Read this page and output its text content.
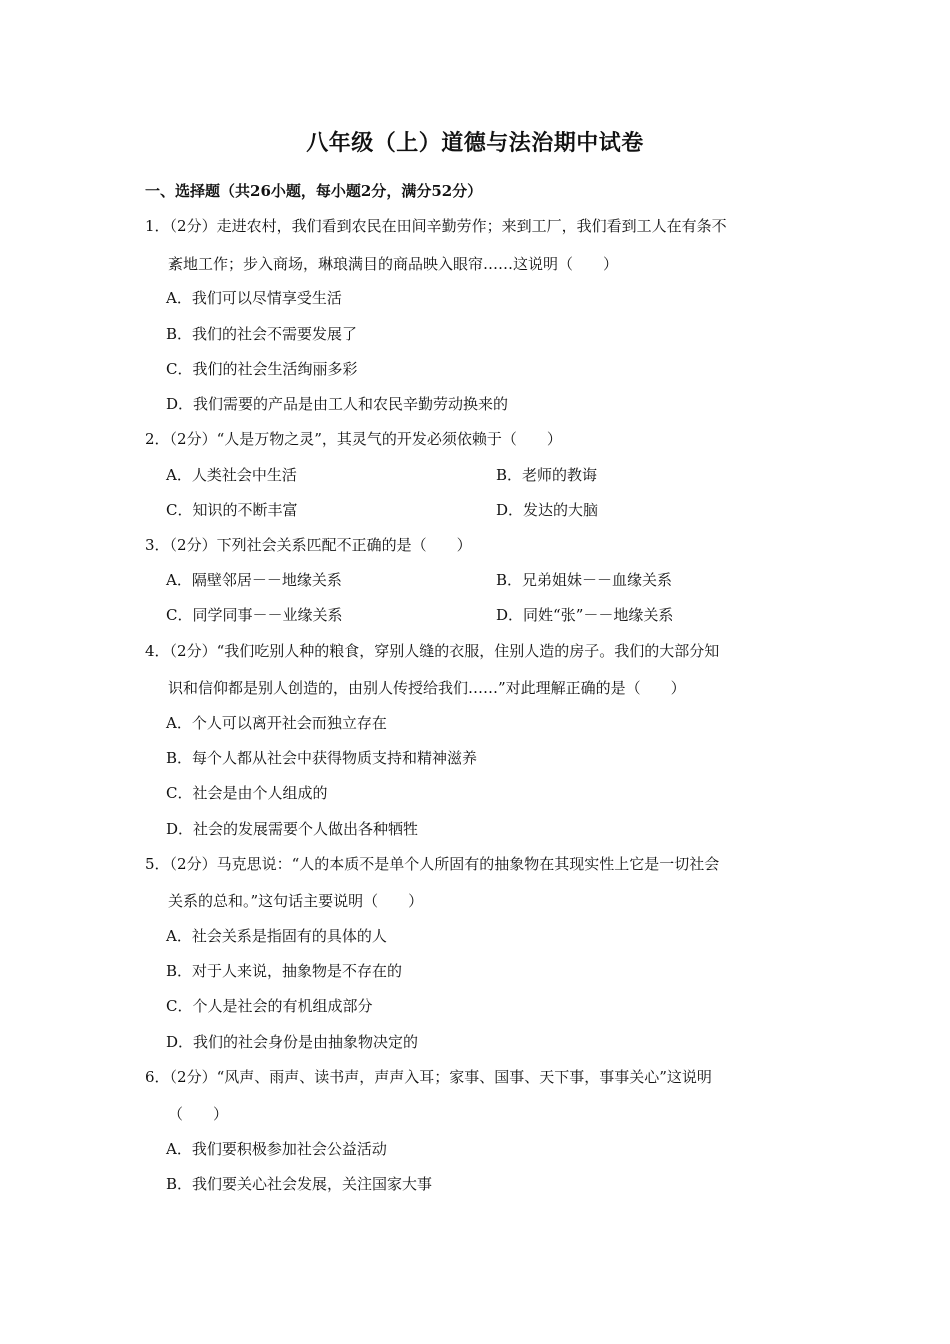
八年级（上）道德与法治期中试卷
一、选择题（共26小题，每小题2分，满分52分）
1．（2分）走进农村，我们看到农民在田间辛勤劳作；来到工厂，我们看到工人在有条不
紊地工作；步入商场，琳琅满目的商品映入眼帘……这说明（　　）
A．我们可以尽情享受生活
B．我们的社会不需要发展了
C．我们的社会生活绚丽多彩
D．我们需要的产品是由工人和农民辛勤劳动换来的
2．（2分）“人是万物之灵”，其灵气的开发必须依赖于（　　）
A．人类社会中生活	B．老师的教诲
C．知识的不断丰富	D．发达的大脑
3．（2分）下列社会关系匹配不正确的是（　　）
A．隔壁邻居－－地缘关系	B．兄弟姐妹－－血缘关系
C．同学同事－－业缘关系	D．同姓“张”－－地缘关系
4．（2分）“我们吃别人种的粮食，穿别人缝的衣服，住别人造的房子。我们的大部分知
识和信仰都是别人创造的，由别人传授给我们……”对此理解正确的是（　　）
A．个人可以离开社会而独立存在
B．每个人都从社会中获得物质支持和精神滋养
C．社会是由个人组成的
D．社会的发展需要个人做出各种牺牲
5．（2分）马克思说：“人的本质不是单个人所固有的抽象物在其现实性上它是一切社会
关系的总和。”这句话主要说明（　　）
A．社会关系是指固有的具体的人
B．对于人来说，抽象物是不存在的
C．个人是社会的有机组成部分
D．我们的社会身份是由抽象物决定的
6．（2分）“风声、雨声、读书声，声声入耳；家事、国事、天下事，事事关心”这说明
（　　）
A．我们要积极参加社会公益活动
B．我们要关心社会发展，关注国家大事
